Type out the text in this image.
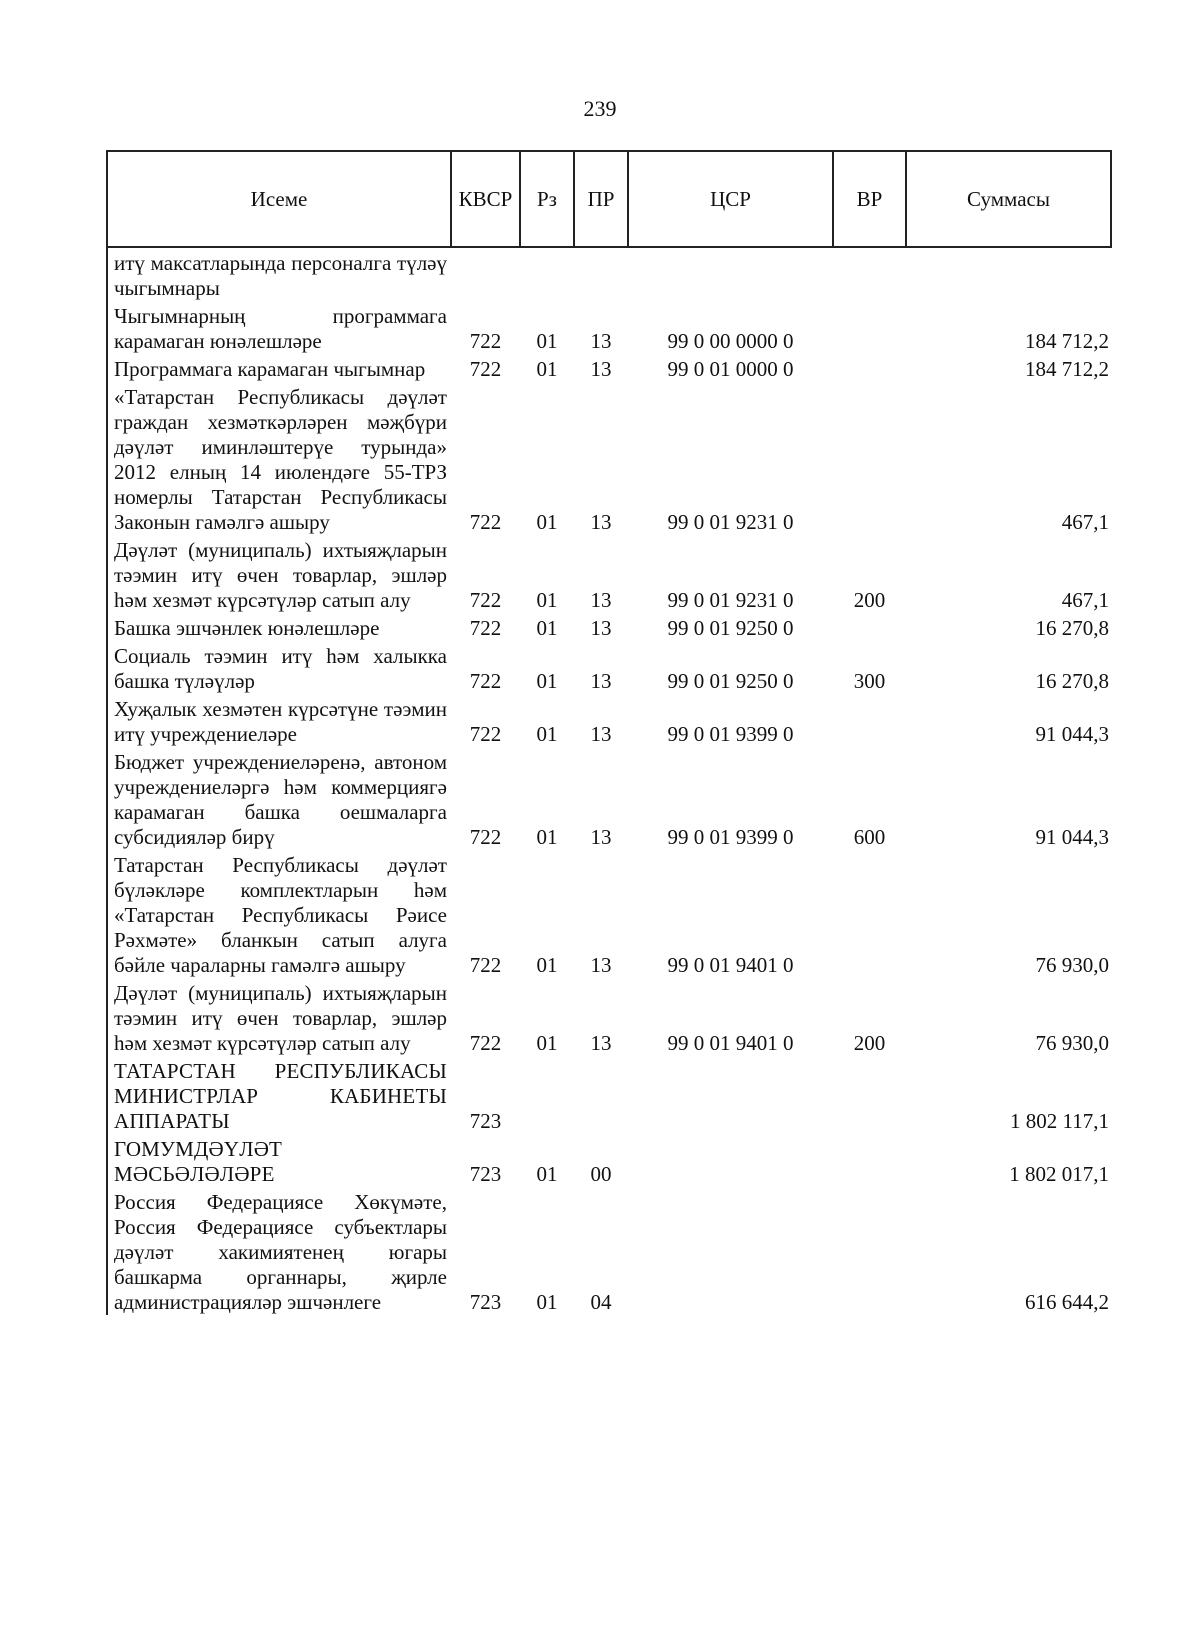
239
Исеме	КВСР	Рз	ПР	ЦСР	ВР	Суммасы
итү максатларында персоналга түләү чыгымнары						
Чыгымнарның программага карамаган юнәлешләре	722	01	13	99 0 00 0000 0		184 712,2
Программага карамаган чыгымнар	722	01	13	99 0 01 0000 0		184 712,2
«Татарстан Республикасы дәүләт граждан хезмәткәрләрен мәҗбүри дәүләт иминләштерүе турында» 2012 елның 14 июлендәге 55-ТРЗ номерлы Татарстан Республикасы Законын гамәлгә ашыру	722	01	13	99 0 01 9231 0		467,1
Дәүләт (муниципаль) ихтыяҗларын тәэмин итү өчен товарлар, эшләр һәм хезмәт күрсәтүләр сатып алу	722	01	13	99 0 01 9231 0	200	467,1
Башка эшчәнлек юнәлешләре	722	01	13	99 0 01 9250 0		16 270,8
Социаль тәэмин итү һәм халыкка башка түләүләр	722	01	13	99 0 01 9250 0	300	16 270,8
Хуҗалык хезмәтен күрсәтүне тәэмин итү учреждениеләре	722	01	13	99 0 01 9399 0		91 044,3
Бюджет учреждениеләренә, автоном учреждениеләргә һәм коммерциягә карамаган башка оешмаларга субсидияләр бирү	722	01	13	99 0 01 9399 0	600	91 044,3
Татарстан Республикасы дәүләт бүләкләре комплектларын һәм «Татарстан Республикасы Рәисе Рәхмәте» бланкын сатып алуга бәйле чараларны гамәлгә ашыру	722	01	13	99 0 01 9401 0		76 930,0
Дәүләт (муниципаль) ихтыяҗларын тәэмин итү өчен товарлар, эшләр һәм хезмәт күрсәтүләр сатып алу	722	01	13	99 0 01 9401 0	200	76 930,0
ТАТАРСТАН РЕСПУБЛИКАСЫ МИНИСТРЛАР КАБИНЕТЫ АППАРАТЫ	723					1 802 117,1
ГОМУМДӘҮЛӘТ МӘСЬӘЛӘЛӘРЕ	723	01	00			1 802 017,1
Россия Федерациясе Хөкүмәте, Россия Федерациясе субъектлары дәүләт хакимиятенең югары башкарма органнары, җирле администрацияләр эшчәнлеге	723	01	04			616 644,2
